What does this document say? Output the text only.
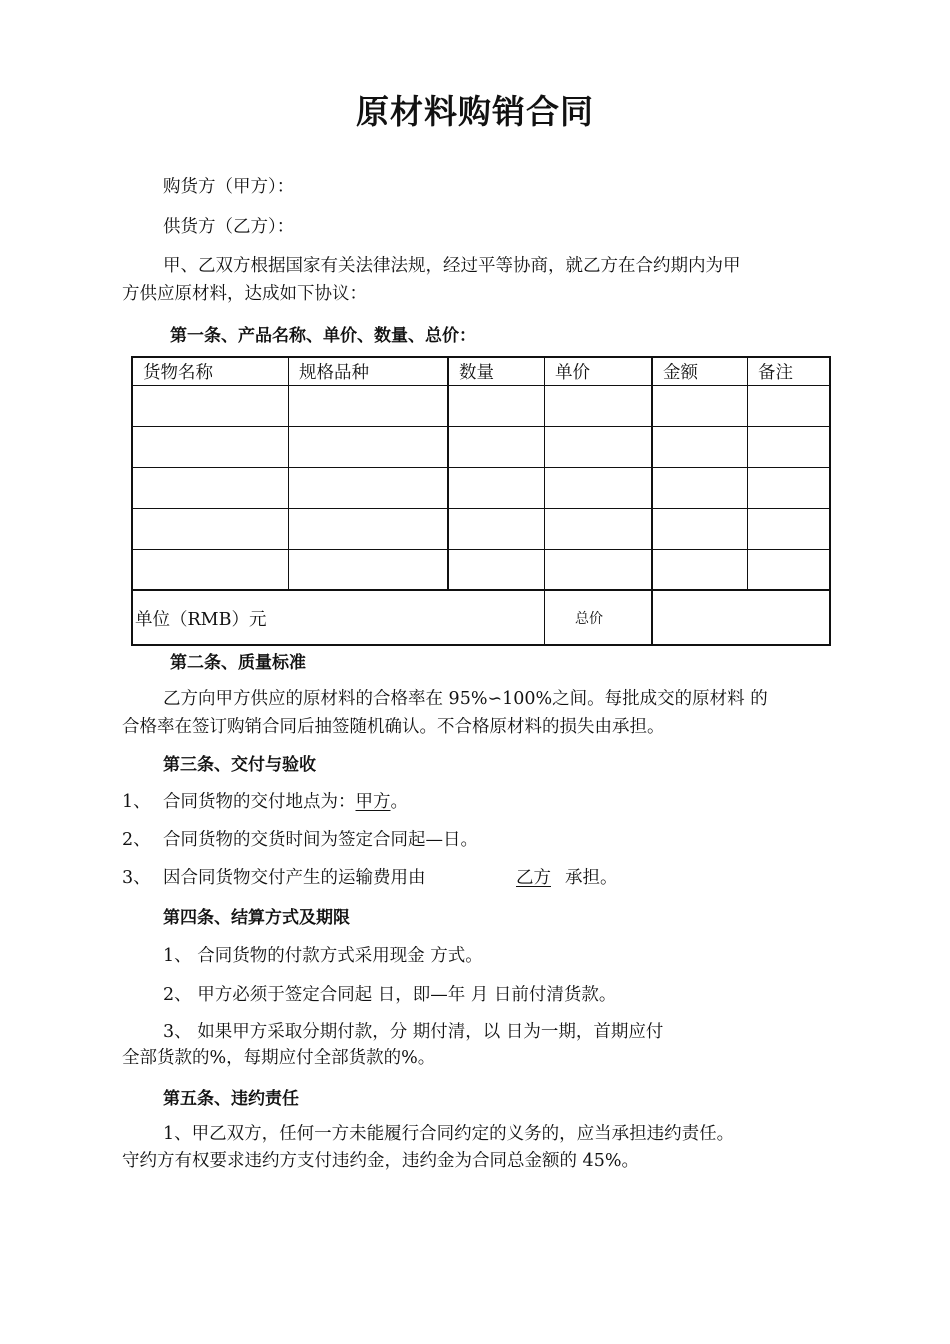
原材料购销合同
购货方（甲方）：
供货方（乙方）：
甲、乙双方根据国家有关法律法规，经过平等协商，就乙方在合约期内为甲
方供应原材料，达成如下协议：
第一条、产品名称、单价、数量、总价：
货物名称	规格品种	数量	单价	金额	备注
单位（RMB）元	总价
第二条、质量标准
乙方向甲方供应的原材料的合格率在 95%∽100%之间。每批成交的原材料 的
合格率在签订购销合同后抽签随机确认。不合格原材料的损失由承担。
第三条、交付与验收
1、 合同货物的交付地点为：甲方。
2、 合同货物的交货时间为签定合同起—日。
3、 因合同货物交付产生的运输费用由	乙方 承担。
第四条、结算方式及期限
1、 合同货物的付款方式采用现金 方式。
2、 甲方必须于签定合同起 日，即—年 月 日前付清货款。
3、 如果甲方采取分期付款，分 期付清，以 日为一期，首期应付
全部货款的%，每期应付全部货款的%。
第五条、违约责任
1、甲乙双方，任何一方未能履行合同约定的义务的，应当承担违约责任。
守约方有权要求违约方支付违约金，违约金为合同总金额的 45%。
